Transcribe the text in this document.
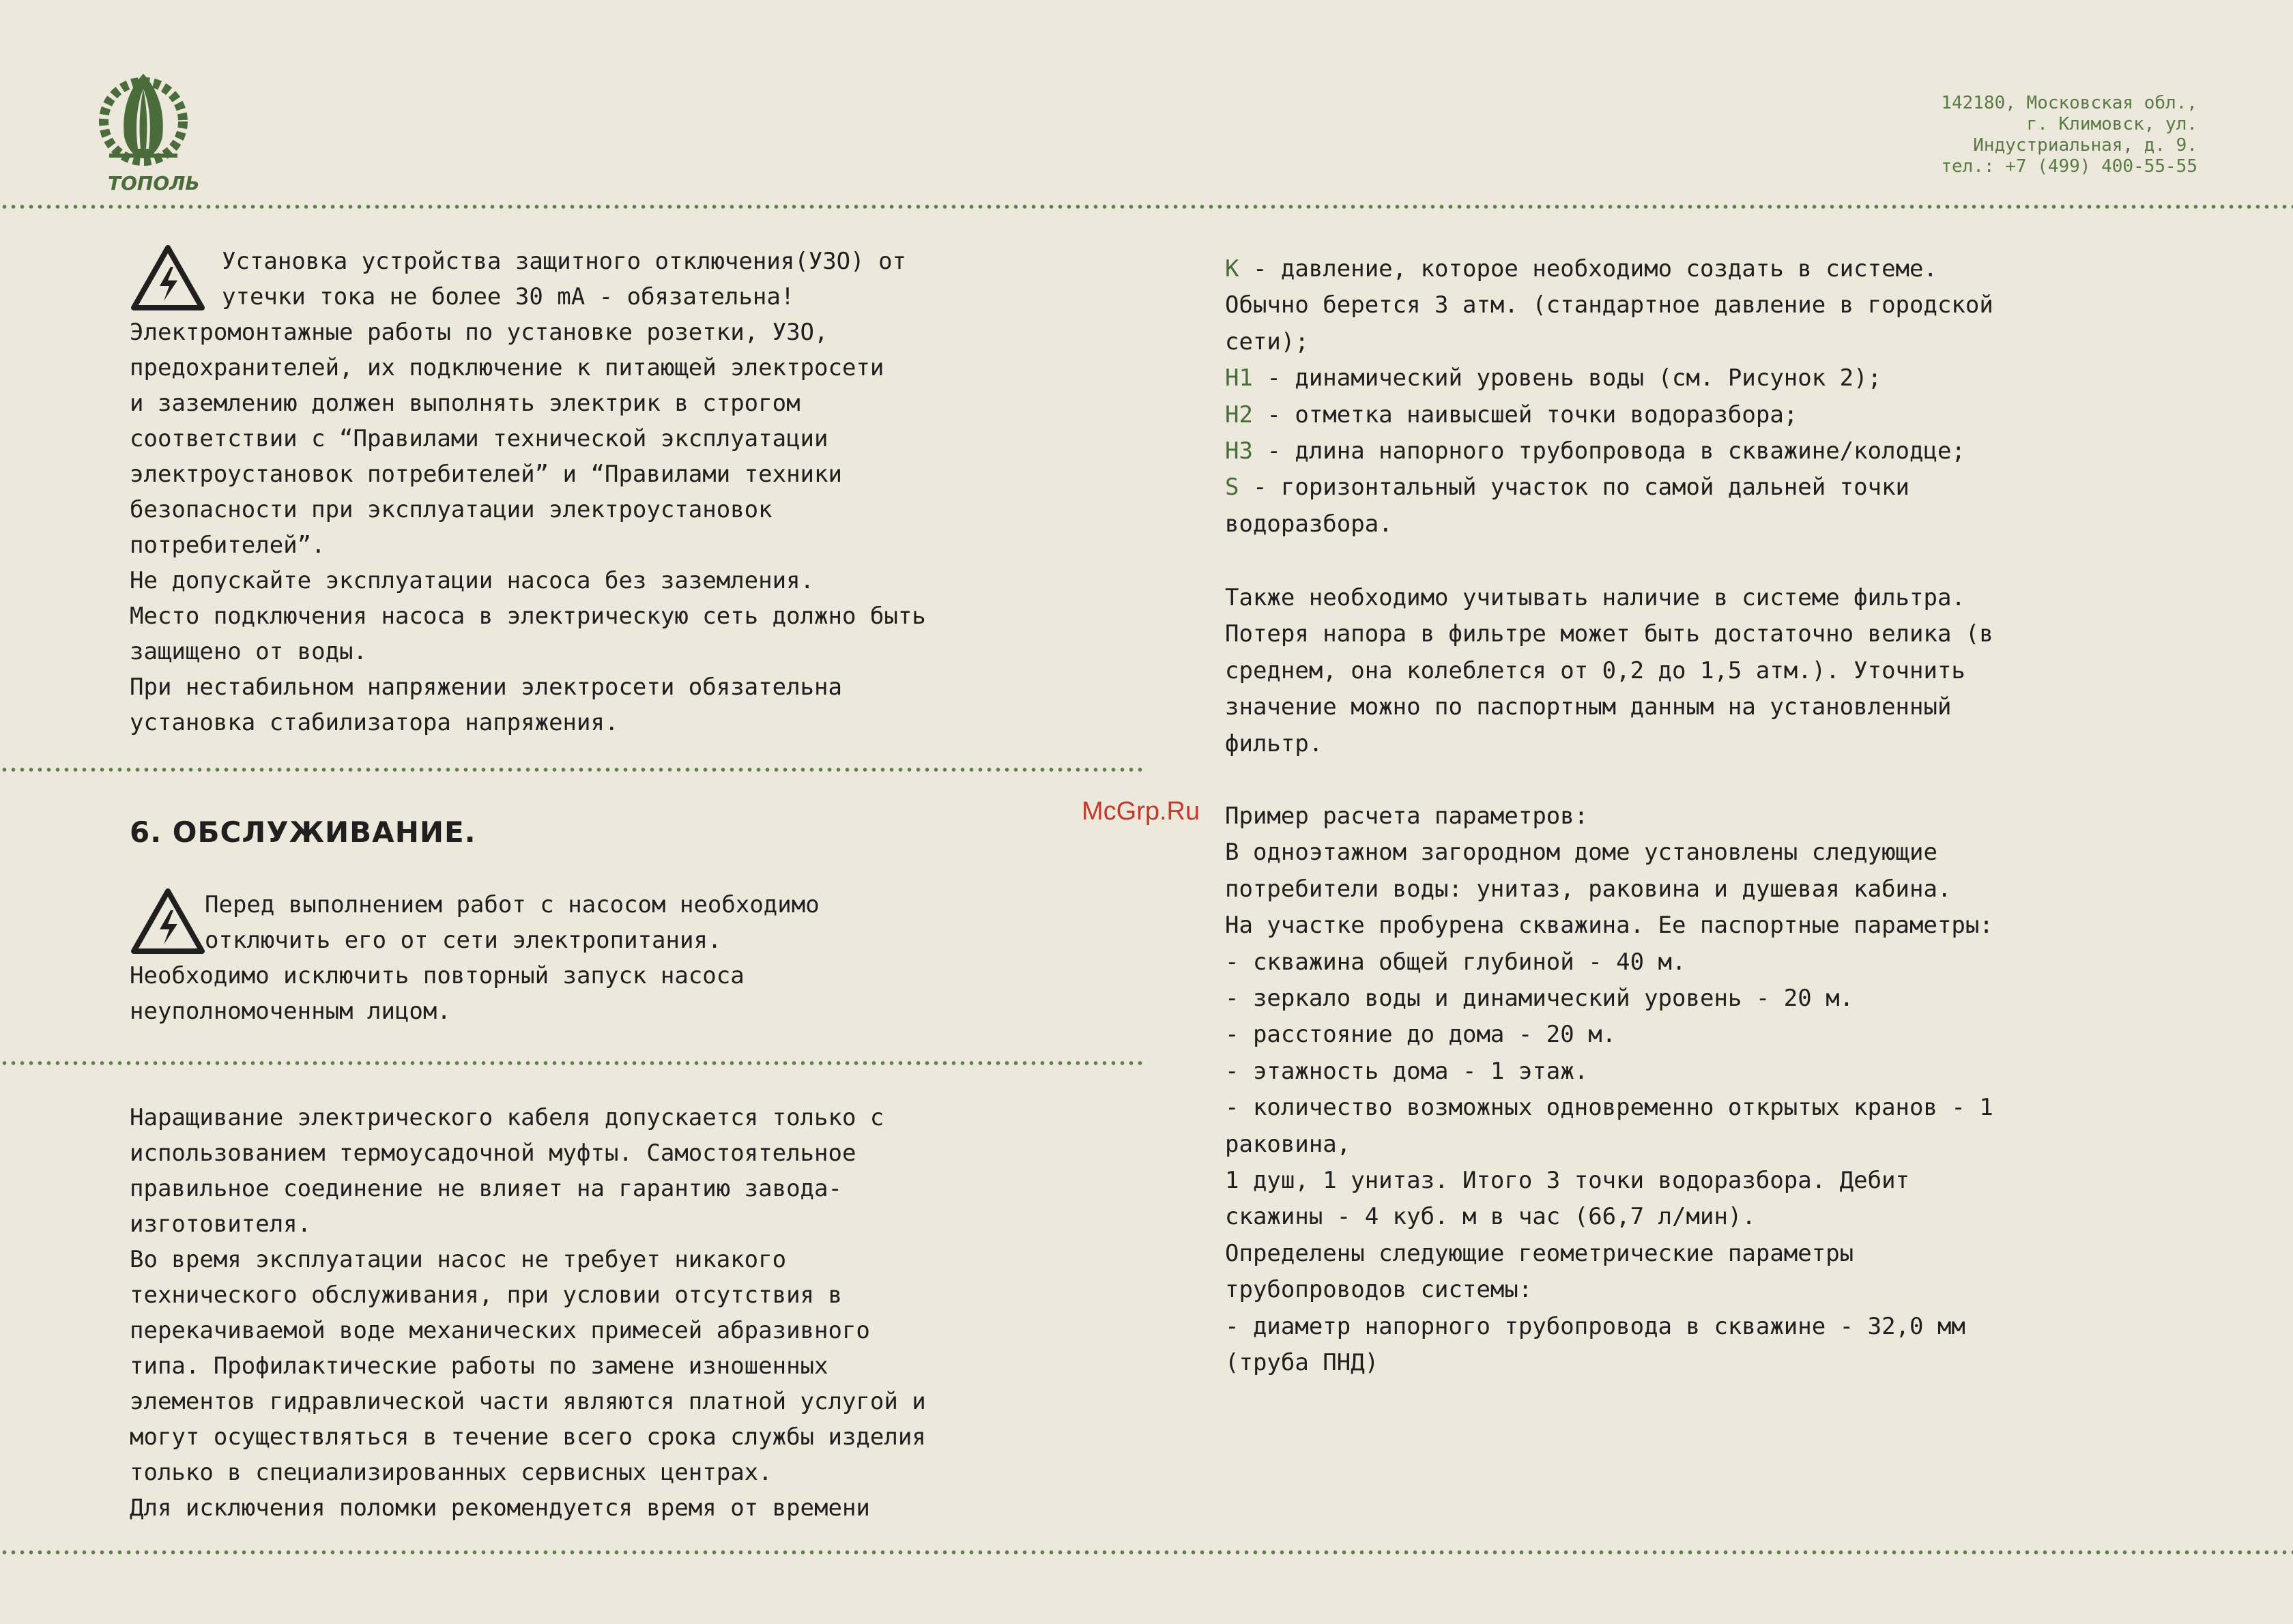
ТОПОЛЬ
142180, Московская обл.,
г. Климовск, ул.
Индустриальная, д. 9.
тел.: +7 (499) 400-55-55
Установка устройства защитного отключения(УЗО) от
утечки тока не более 30 mA - обязательна!
Электромонтажные работы по установке розетки, УЗО,
предохранителей, их подключение к питающей электросети
и заземлению должен выполнять электрик в строгом
соответствии с “Правилами технической эксплуатации
электроустановок потребителей” и “Правилами техники
безопасности при эксплуатации электроустановок
потребителей”.
Не допускайте эксплуатации насоса без заземления.
Место подключения насоса в электрическую сеть должно быть
защищено от воды.
При нестабильном напряжении электросети обязательна
установка стабилизатора напряжения.
6. ОБСЛУЖИВАНИЕ.
Перед выполнением работ с насосом необходимо
отключить его от сети электропитания.
Необходимо исключить повторный запуск насоса
неуполномоченным лицом.
Наращивание электрического кабеля допускается только с
использованием термоусадочной муфты. Самостоятельное
правильное соединение не влияет на гарантию завода-
изготовителя.
Во время эксплуатации насос не требует никакого
технического обслуживания, при условии отсутствия в
перекачиваемой воде механических примесей абразивного
типа. Профилактические работы по замене изношенных
элементов гидравлической части являются платной услугой и
могут осуществляться в течение всего срока службы изделия
только в специализированных сервисных центрах.
Для исключения поломки рекомендуется время от времени
K - давление, которое необходимо создать в системе.
Обычно берется 3 атм. (стандартное давление в городской
сети);
H1 - динамический уровень воды (см. Рисунок 2);
H2 - отметка наивысшей точки водоразбора;
H3 - длина напорного трубопровода в скважине/колодце;
S - горизонтальный участок по самой дальней точки
водоразбора.
Также необходимо учитывать наличие в системе фильтра.
Потеря напора в фильтре может быть достаточно велика (в
среднем, она колеблется от 0,2 до 1,5 атм.). Уточнить
значение можно по паспортным данным на установленный
фильтр.
Пример расчета параметров:
В одноэтажном загородном доме установлены следующие
потребители воды: унитаз, раковина и душевая кабина.
На участке пробурена скважина. Ее паспортные параметры:
- скважина общей глубиной - 40 м.
- зеркало воды и динамический уровень - 20 м.
- расстояние до дома - 20 м.
- этажность дома - 1 этаж.
- количество возможных одновременно открытых кранов - 1
раковина,
1 душ, 1 унитаз. Итого 3 точки водоразбора. Дебит
скажины - 4 куб. м в час (66,7 л/мин).
Определены следующие геометрические параметры
трубопроводов системы:
- диаметр напорного трубопровода в скважине - 32,0 мм
(труба ПНД)
McGrp.Ru
